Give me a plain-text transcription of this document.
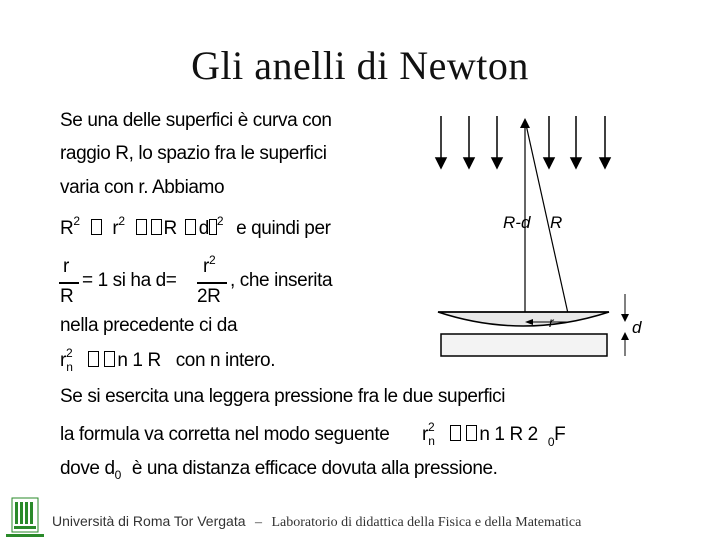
Gli anelli di Newton
Se una delle superfici è curva con
raggio R, lo spazio fra le superfici
varia con r. Abbiamo
$R^2$ $r^2$ R d $^2$ e quindi per
r
R
= 1 si ha d=
$r^2$
2R
, che inserita
nella precedente ci da
$r^2_n$ n 1 R con n intero.
Se si esercita una leggera pressione fra le due superfici
la formula va corretta nel modo seguente $r^2_n$ n 1 R 2 $_0$F
dove $d_0$ è una distanza efficace dovuta alla pressione.
R-d R
r	d
Università di Roma Tor Vergata – Laboratorio di didattica della Fisica e della Matematica
